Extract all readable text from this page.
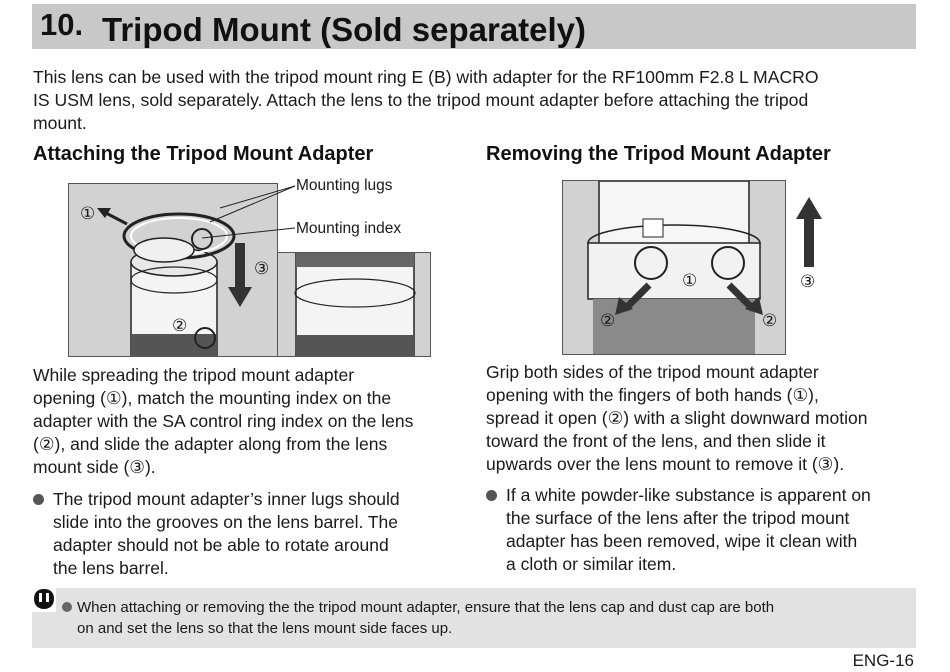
10. Tripod Mount (Sold separately)
This lens can be used with the tripod mount ring E (B) with adapter for the RF100mm F2.8 L MACRO
IS USM lens, sold separately. Attach the lens to the tripod mount adapter before attaching the tripod
mount.
Attaching the Tripod Mount Adapter	Removing the Tripod Mount Adapter
Mounting lugs
Mounting index
①
②
③
①
②	②
③
While spreading the tripod mount adapter
opening (①), match the mounting index on the
adapter with the SA control ring index on the lens
(②), and slide the adapter along from the lens
mount side (③).
The tripod mount adapter’s inner lugs should
slide into the grooves on the lens barrel. The
adapter should not be able to rotate around
the lens barrel.
Grip both sides of the tripod mount adapter
opening with the fingers of both hands (①),
spread it open (②) with a slight downward motion
toward the front of the lens, and then slide it
upwards over the lens mount to remove it (③).
If a white powder-like substance is apparent on
the surface of the lens after the tripod mount
adapter has been removed, wipe it clean with
a cloth or similar item.
When attaching or removing the the tripod mount adapter, ensure that the lens cap and dust cap are both
on and set the lens so that the lens mount side faces up.
ENG-16
